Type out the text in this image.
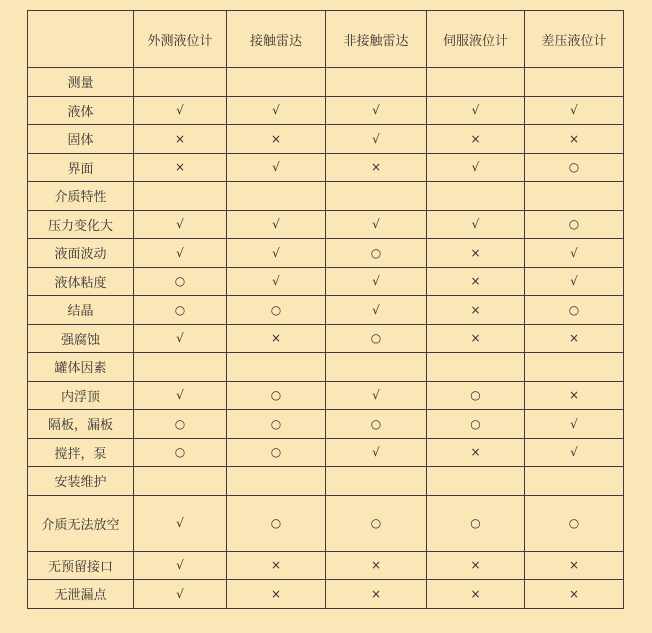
	外测液位计	接触雷达	非接触雷达	伺服液位计	差压液位计
测量					
液体	√	√	√	√	√
固体	×	×	√	×	×
界面	×	√	×	√	○
介质特性					
压力变化大	√	√	√	√	○
液面波动	√	√	○	×	√
液体粘度	○	√	√	×	√
结晶	○	○	√	×	○
强腐蚀	√	×	○	×	×
罐体因素					
内浮顶	√	○	√	○	×
隔板，漏板	○	○	○	○	√
搅拌，泵	○	○	√	×	√
安装维护					
介质无法放空	√	○	○	○	○
无预留接口	√	×	×	×	×
无泄漏点	√	×	×	×	×
